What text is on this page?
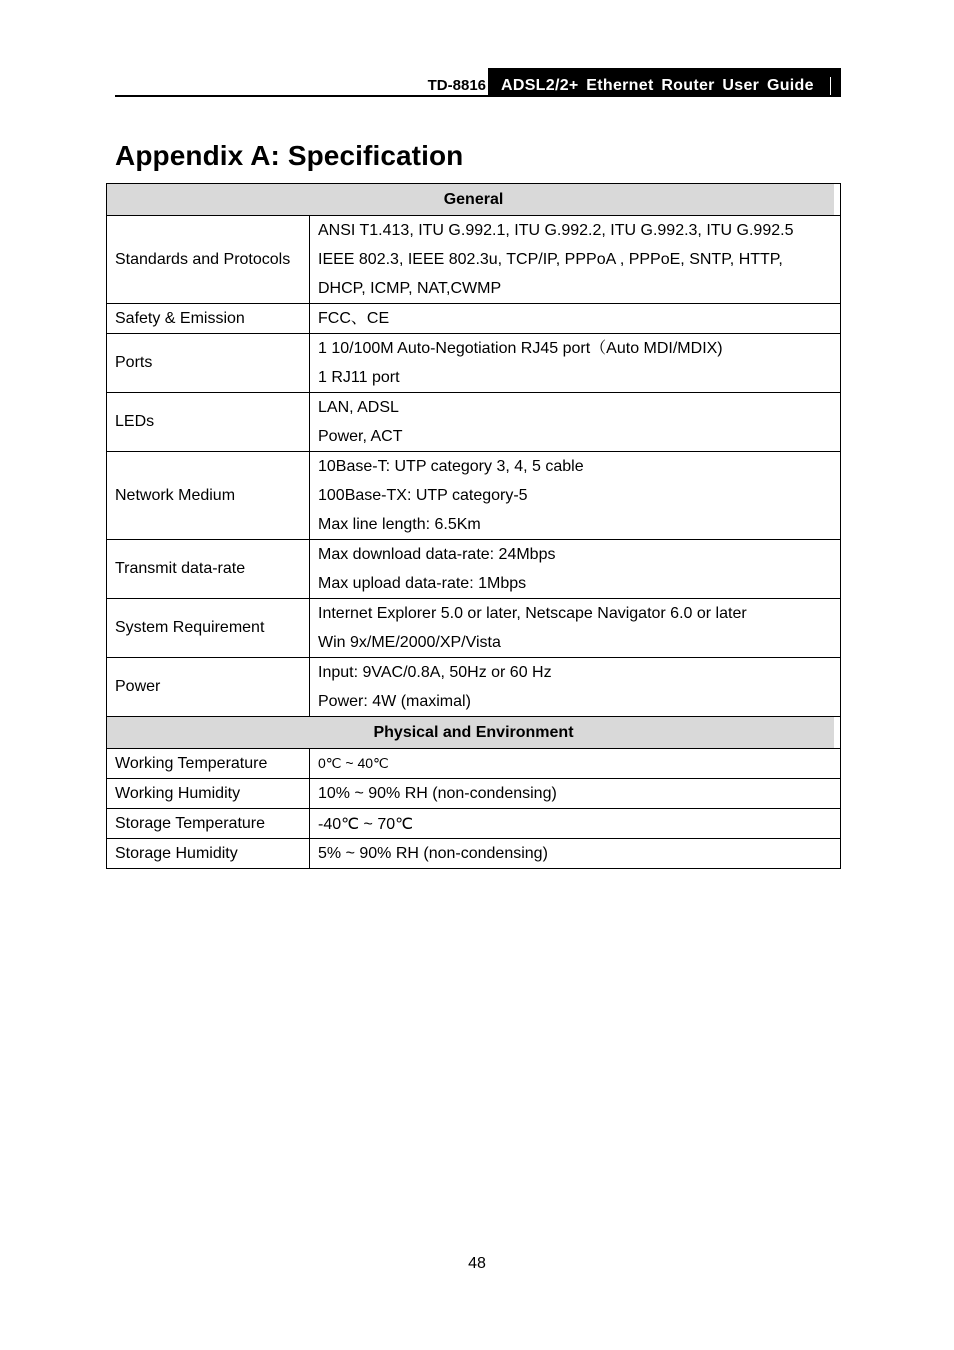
TD-8816 ADSL2/2+ Ethernet Router User Guide
Appendix A: Specification
General	
Standards and Protocols	ANSI T1.413, ITU G.992.1, ITU G.992.2, ITU G.992.3, ITU G.992.5
IEEE 802.3, IEEE 802.3u, TCP/IP, PPPoA , PPPoE, SNTP, HTTP,
DHCP, ICMP, NAT,CWMP

Safety & Emission	FCC、CE

Ports	1 10/100M Auto-Negotiation RJ45 port（Auto MDI/MDIX)
1 RJ11 port

LEDs	LAN, ADSL
Power, ACT

Network Medium	10Base-T: UTP category 3, 4, 5 cable
100Base-TX: UTP category-5
Max line length: 6.5Km

Transmit data-rate	Max download data-rate: 24Mbps
Max upload data-rate: 1Mbps

System Requirement	Internet Explorer 5.0 or later, Netscape Navigator 6.0 or later
Win 9x/ME/2000/XP/Vista

Power	Input: 9VAC/0.8A, 50Hz or 60 Hz
Power: 4W (maximal)

Physical and Environment	
Working Temperature	0℃ ~ 40℃
Working Humidity	10% ~ 90% RH (non-condensing)
Storage Temperature	-40℃ ~ 70℃
Storage Humidity	5% ~ 90% RH (non-condensing)
48
